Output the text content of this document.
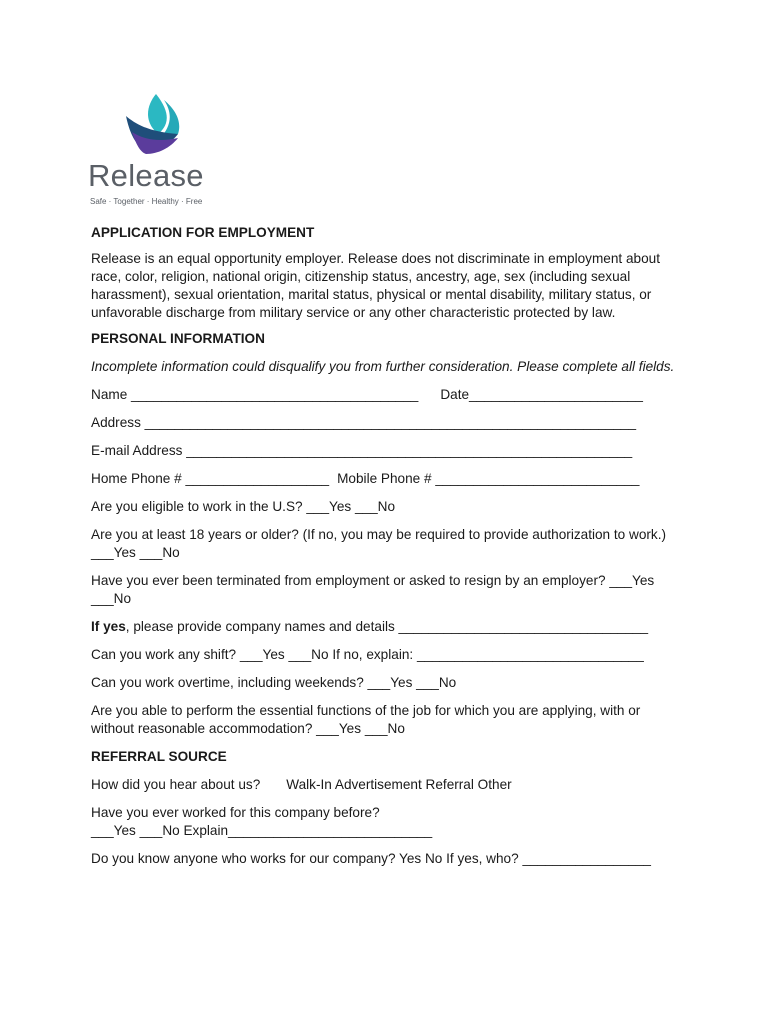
Release
Safe · Together · Healthy · Free

APPLICATION FOR EMPLOYMENT

Release is an equal opportunity employer. Release does not discriminate in employment about race, color, religion, national origin, citizenship status, ancestry, age, sex (including sexual harassment), sexual orientation, marital status, physical or mental disability, military status, or unfavorable discharge from military service or any other characteristic protected by law.

PERSONAL INFORMATION

Incomplete information could disqualify you from further consideration. Please complete all fields.

Name ______________________________________ Date_______________________

Address _________________________________________________________________

E-mail Address ___________________________________________________________

Home Phone # ___________________ Mobile Phone # ___________________________

Are you eligible to work in the U.S? ___Yes ___No

Are you at least 18 years or older? (If no, you may be required to provide authorization to work.)

___Yes ___No

Have you ever been terminated from employment or asked to resign by an employer? ___Yes

___No

If yes, please provide company names and details _________________________________

Can you work any shift? ___Yes ___No If no, explain: ______________________________

Can you work overtime, including weekends? ___Yes ___No

Are you able to perform the essential functions of the job for which you are applying, with or

without reasonable accommodation? ___Yes ___No

REFERRAL SOURCE

How did you hear about us? Walk-In Advertisement Referral Other

Have you ever worked for this company before?

___Yes ___No Explain___________________________

Do you know anyone who works for our company? Yes No If yes, who? _________________
